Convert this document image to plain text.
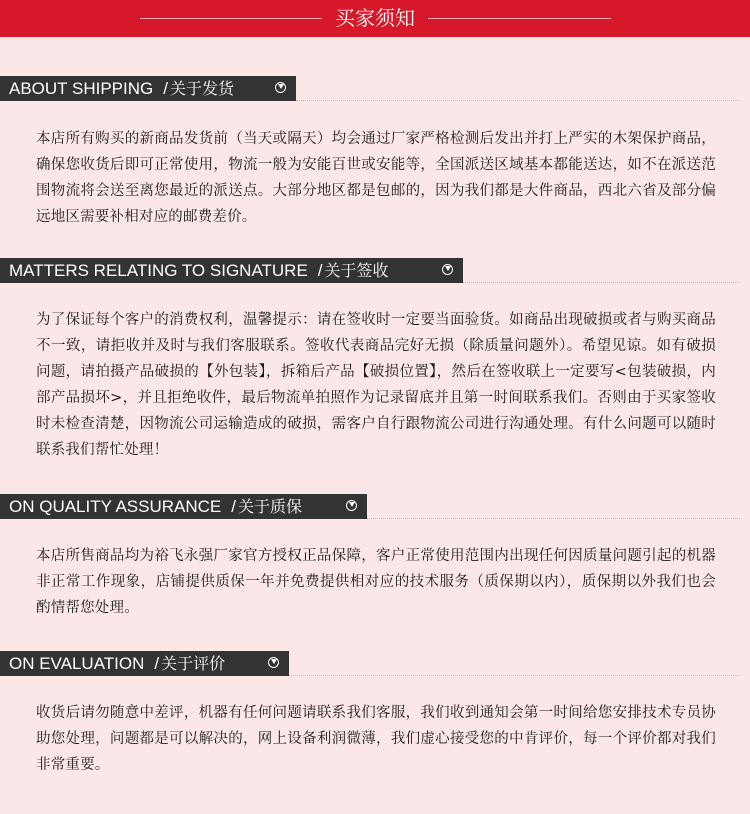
买家须知
ABOUT SHIPPING / 关于发货

本店所有购买的新商品发货前（当天或隔天）均会通过厂家严格检测后发出并打上严实的木架保护商品，确保您收货后即可正常使用，物流一般为安能百世或安能等，全国派送区域基本都能送达，如不在派送范围物流将会送至离您最近的派送点。大部分地区都是包邮的，因为我们都是大件商品，西北六省及部分偏远地区需要补相对应的邮费差价。

MATTERS RELATING TO SIGNATURE / 关于签收

为了保证每个客户的消费权利，温馨提示：请在签收时一定要当面验货。如商品出现破损或者与购买商品不一致，请拒收并及时与我们客服联系。签收代表商品完好无损（除质量问题外）。希望见谅。如有破损问题，请拍摄产品破损的【外包装】，拆箱后产品【破损位置】，然后在签收联上一定要写<包装破损，内部产品损坏>，并且拒绝收件，最后物流单拍照作为记录留底并且第一时间联系我们。否则由于买家签收时未检查清楚，因物流公司运输造成的破损，需客户自行跟物流公司进行沟通处理。有什么问题可以随时联系我们帮忙处理！

ON QUALITY ASSURANCE / 关于质保

本店所售商品均为裕飞永强厂家官方授权正品保障，客户正常使用范围内出现任何因质量问题引起的机器非正常工作现象，店铺提供质保一年并免费提供相对应的技术服务（质保期以内），质保期以外我们也会酌情帮您处理。

ON EVALUATION / 关于评价

收货后请勿随意中差评，机器有任何问题请联系我们客服，我们收到通知会第一时间给您安排技术专员协助您处理，问题都是可以解决的，网上设备利润微薄，我们虚心接受您的中肯评价，每一个评价都对我们非常重要。
